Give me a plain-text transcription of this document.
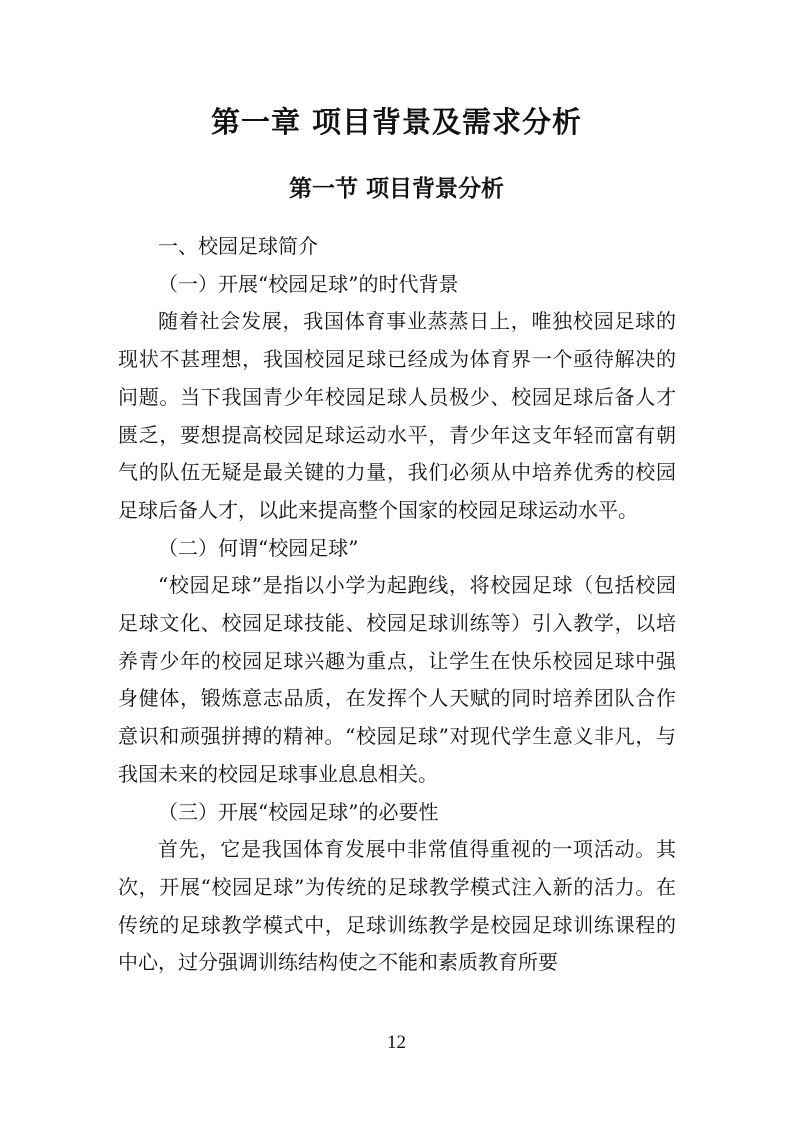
第一章 项目背景及需求分析
第一节 项目背景分析

一、校园足球简介

（一）开展“校园足球”的时代背景

随着社会发展，我国体育事业蒸蒸日上，唯独校园足球的现状不甚理想，我国校园足球已经成为体育界一个亟待解决的问题。当下我国青少年校园足球人员极少、校园足球后备人才匮乏，要想提高校园足球运动水平，青少年这支年轻而富有朝气的队伍无疑是最关键的力量，我们必须从中培养优秀的校园足球后备人才，以此来提高整个国家的校园足球运动水平。

（二）何谓“校园足球”

“校园足球”是指以小学为起跑线，将校园足球（包括校园足球文化、校园足球技能、校园足球训练等）引入教学，以培养青少年的校园足球兴趣为重点，让学生在快乐校园足球中强身健体，锻炼意志品质，在发挥个人天赋的同时培养团队合作意识和顽强拼搏的精神。“校园足球”对现代学生意义非凡，与我国未来的校园足球事业息息相关。

（三）开展“校园足球”的必要性

首先，它是我国体育发展中非常值得重视的一项活动。其次，开展“校园足球”为传统的足球教学模式注入新的活力。在传统的足球教学模式中，足球训练教学是校园足球训练课程的中心，过分强调训练结构使之不能和素质教育所要

12
